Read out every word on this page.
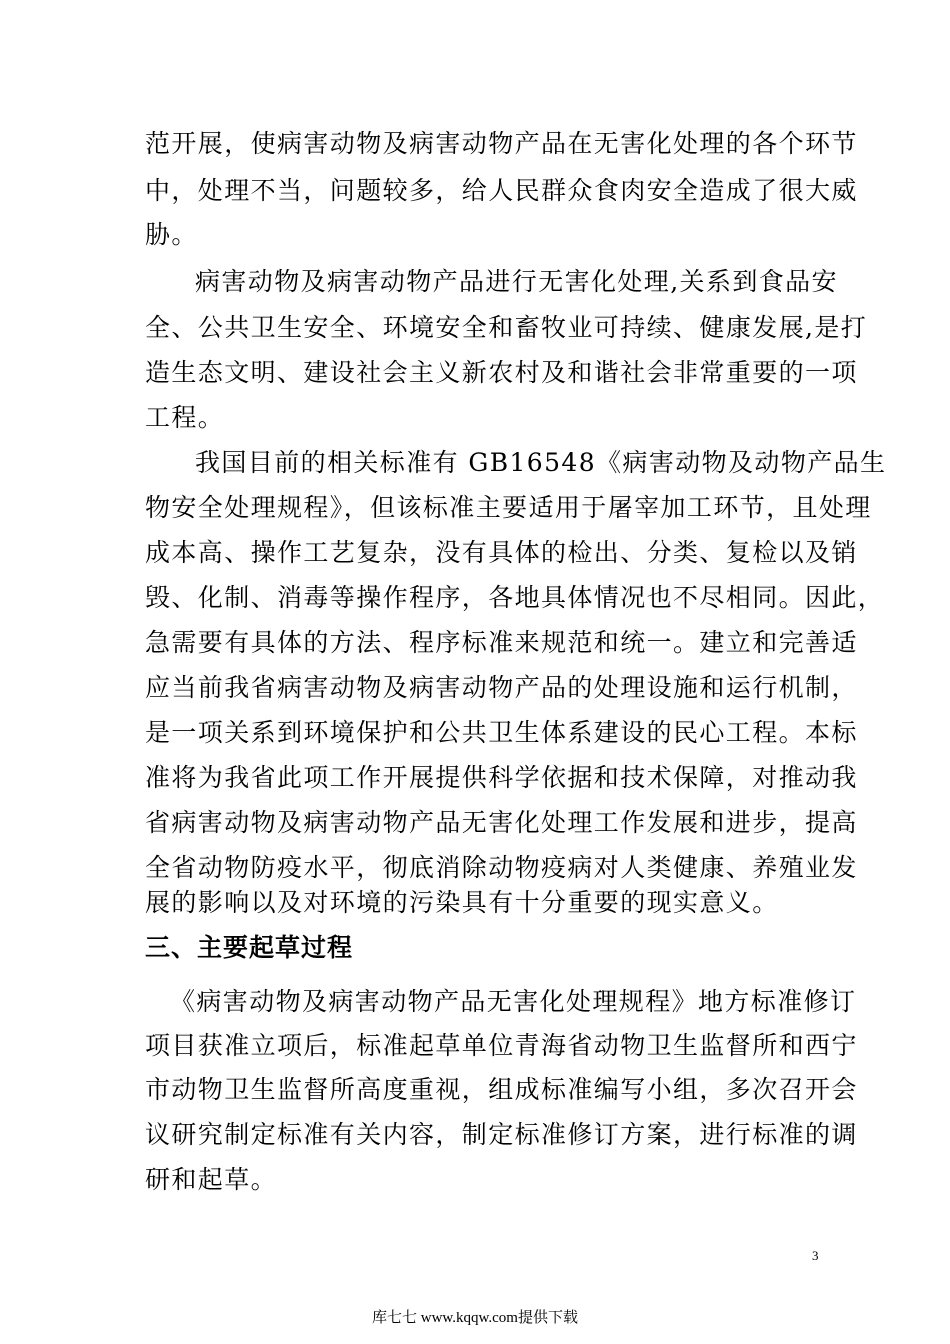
范开展，使病害动物及病害动物产品在无害化处理的各个环节
中，处理不当，问题较多，给人民群众食肉安全造成了很大威
胁。
病害动物及病害动物产品进行无害化处理,关系到食品安
全、公共卫生安全、环境安全和畜牧业可持续、健康发展,是打
造生态文明、建设社会主义新农村及和谐社会非常重要的一项
工程。
我国目前的相关标准有 GB16548《病害动物及动物产品生
物安全处理规程》，但该标准主要适用于屠宰加工环节，且处理
成本高、操作工艺复杂，没有具体的检出、分类、复检以及销
毁、化制、消毒等操作程序，各地具体情况也不尽相同。因此，
急需要有具体的方法、程序标准来规范和统一。建立和完善适
应当前我省病害动物及病害动物产品的处理设施和运行机制，
是一项关系到环境保护和公共卫生体系建设的民心工程。本标
准将为我省此项工作开展提供科学依据和技术保障，对推动我
省病害动物及病害动物产品无害化处理工作发展和进步，提高
全省动物防疫水平，彻底消除动物疫病对人类健康、养殖业发
展的影响以及对环境的污染具有十分重要的现实意义。
三、主要起草过程
《病害动物及病害动物产品无害化处理规程》地方标准修订
项目获准立项后，标准起草单位青海省动物卫生监督所和西宁
市动物卫生监督所高度重视，组成标准编写小组，多次召开会
议研究制定标准有关内容，制定标准修订方案，进行标准的调
研和起草。
3
库七七 www.kqqw.com提供下载
